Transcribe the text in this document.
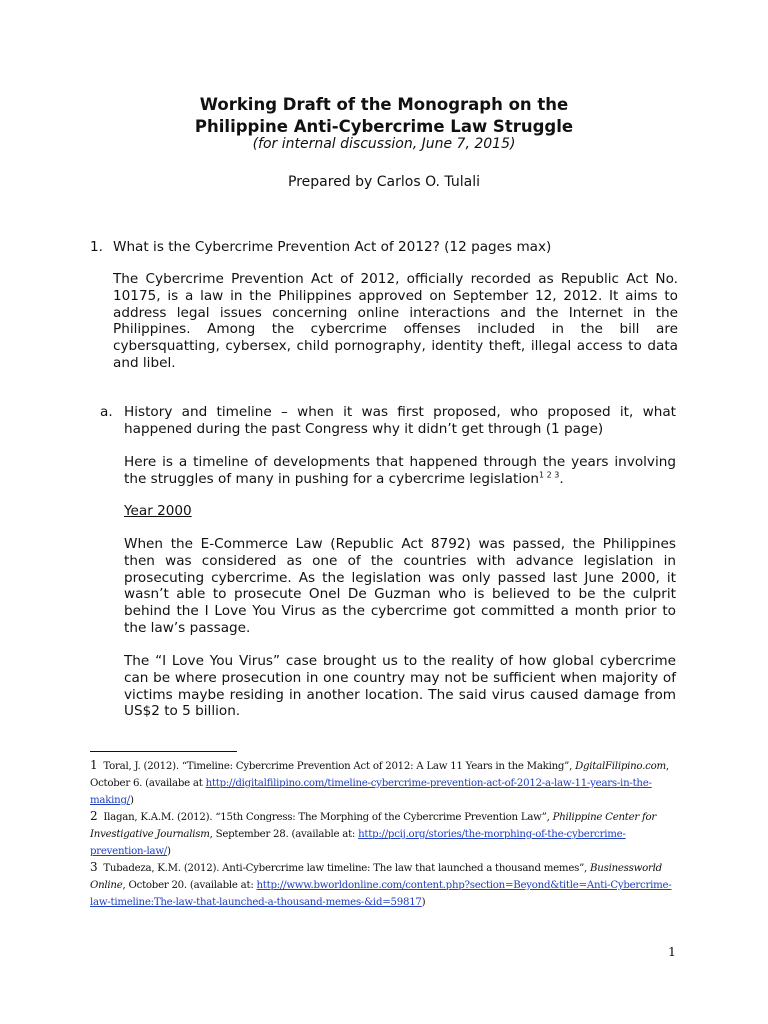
Working Draft of the Monograph on the
Philippine Anti-Cybercrime Law Struggle
(for internal discussion, June 7, 2015)
Prepared by Carlos O. Tulali
1. What is the Cybercrime Prevention Act of 2012? (12 pages max)
The Cybercrime Prevention Act of 2012, officially recorded as Republic Act No. 10175, is a law in the Philippines approved on September 12, 2012. It aims to address legal issues concerning online interactions and the Internet in the Philippines. Among the cybercrime offenses included in the bill are cybersquatting, cybersex, child pornography, identity theft, illegal access to data and libel.
a. History and timeline – when it was first proposed, who proposed it, what happened during the past Congress why it didn’t get through (1 page)
Here is a timeline of developments that happened through the years involving the struggles of many in pushing for a cybercrime legislation$^{1 2 3}$.
Year 2000
When the E-Commerce Law (Republic Act 8792) was passed, the Philippines then was considered as one of the countries with advance legislation in prosecuting cybercrime. As the legislation was only passed last June 2000, it wasn’t able to prosecute Onel De Guzman who is believed to be the culprit behind the I Love You Virus as the cybercrime got committed a month prior to the law’s passage.
The “I Love You Virus” case brought us to the reality of how global cybercrime can be where prosecution in one country may not be sufficient when majority of victims maybe residing in another location. The said virus caused damage from US$2 to 5 billion.
1 Toral, J. (2012). “Timeline: Cybercrime Prevention Act of 2012: A Law 11 Years in the Making”, DgitalFilipino.com, October 6. (availabe at http://digitalfilipino.com/timeline-cybercrime-prevention-act-of-2012-a-law-11-years-in-the-making/)
2 Ilagan, K.A.M. (2012). “15th Congress: The Morphing of the Cybercrime Prevention Law”, Philippine Center for Investigative Journalism, September 28. (available at: http://pcij.org/stories/the-morphing-of-the-cybercrime-prevention-law/)
3 Tubadeza, K.M. (2012). Anti-Cybercrime law timeline: The law that launched a thousand memes”, Businessworld Online, October 20. (available at: http://www.bworldonline.com/content.php?section=Beyond&title=Anti-Cybercrime-law-timeline:The-law-that-launched-a-thousand-memes-&id=59817)
1
